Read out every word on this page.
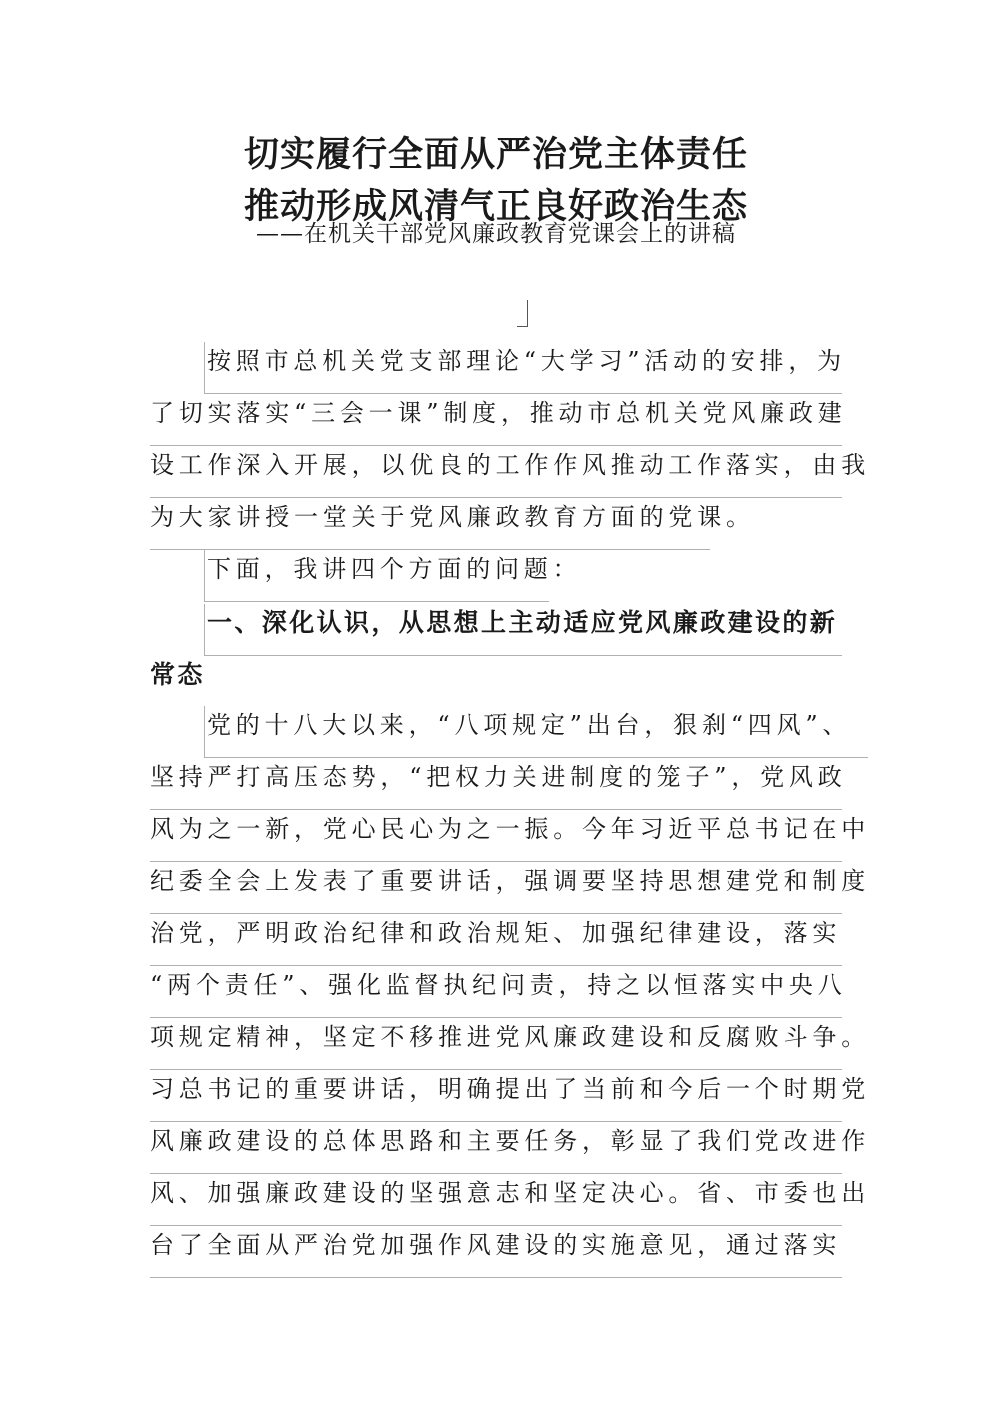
切实履行全面从严治党主体责任
推动形成风清气正良好政治生态
——在机关干部党风廉政教育党课会上的讲稿
按照市总机关党支部理论“大学习”活动的安排，为
了切实落实“三会一课”制度，推动市总机关党风廉政建
设工作深入开展，以优良的工作作风推动工作落实，由我
为大家讲授一堂关于党风廉政教育方面的党课。
下面，我讲四个方面的问题：
一、深化认识，从思想上主动适应党风廉政建设的新
常态
党的十八大以来，“八项规定”出台，狠刹“四风”、
坚持严打高压态势，“把权力关进制度的笼子”，党风政
风为之一新，党心民心为之一振。今年习近平总书记在中
纪委全会上发表了重要讲话，强调要坚持思想建党和制度
治党，严明政治纪律和政治规矩、加强纪律建设，落实
“两个责任”、强化监督执纪问责，持之以恒落实中央八
项规定精神，坚定不移推进党风廉政建设和反腐败斗争。
习总书记的重要讲话，明确提出了当前和今后一个时期党
风廉政建设的总体思路和主要任务，彰显了我们党改进作
风、加强廉政建设的坚强意志和坚定决心。省、市委也出
台了全面从严治党加强作风建设的实施意见，通过落实
